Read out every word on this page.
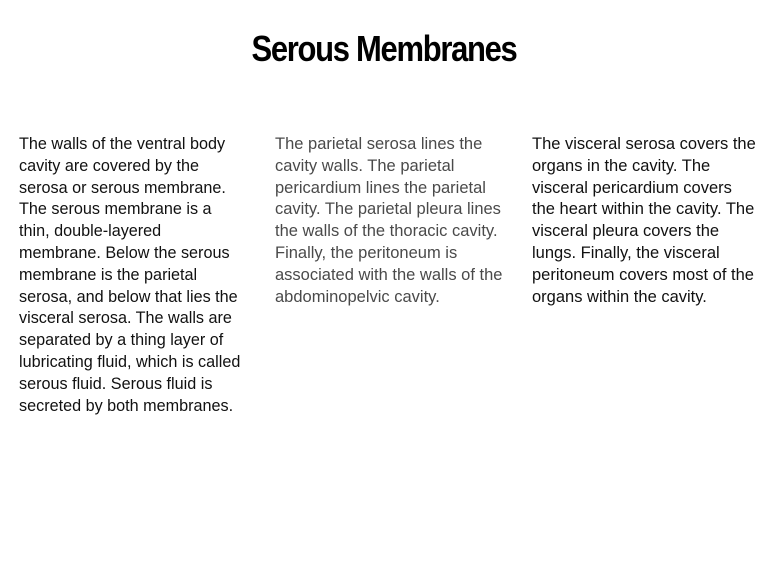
Serous Membranes

The walls of the ventral body cavity are covered by the serosa or serous membrane. The serous membrane is a thin, double-layered membrane. Below the serous membrane is the parietal serosa, and below that lies the visceral serosa. The walls are separated by a thing layer of lubricating fluid, which is called serous fluid. Serous fluid is secreted by both membranes.

The parietal serosa lines the cavity walls. The parietal pericardium lines the parietal cavity. The parietal pleura lines the walls of the thoracic cavity. Finally, the peritoneum is associated with the walls of the abdominopelvic cavity.

The visceral serosa covers the organs in the cavity. The visceral pericardium covers the heart within the cavity. The visceral pleura covers the lungs. Finally, the visceral peritoneum covers most of the organs within the cavity.
